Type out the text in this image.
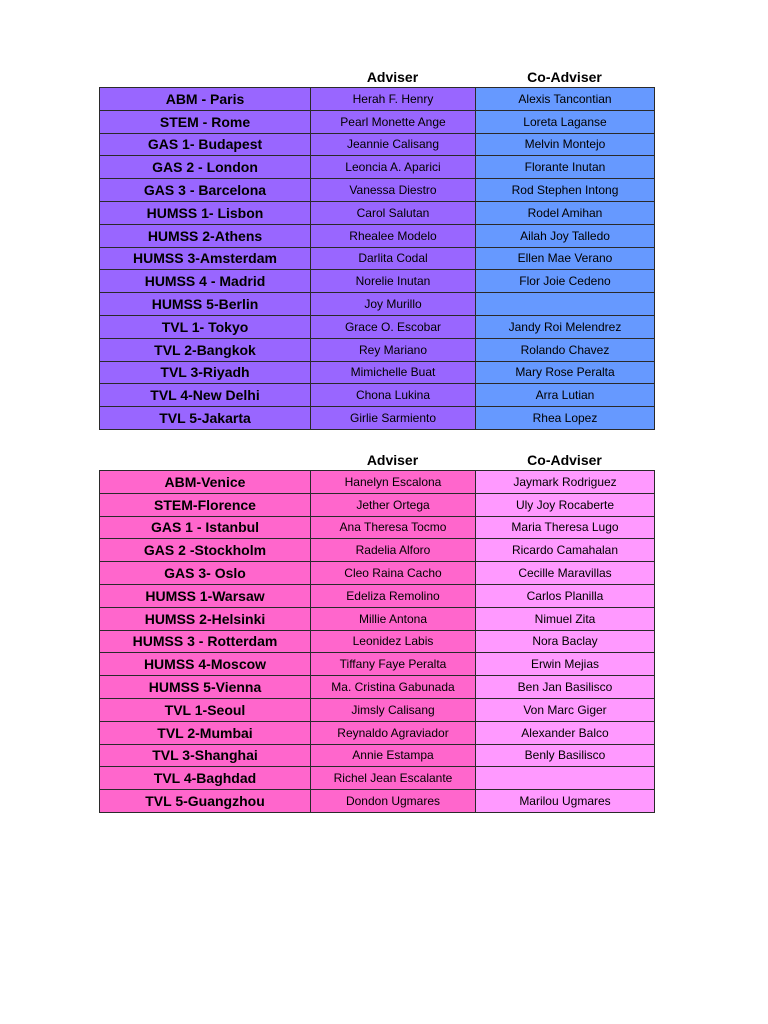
Adviser	Co-Adviser
ABM - Paris	Herah F. Henry	Alexis Tancontian
STEM - Rome	Pearl Monette Ange	Loreta Laganse
GAS 1- Budapest	Jeannie Calisang	Melvin Montejo
GAS 2 - London	Leoncia A. Aparici	Florante Inutan
GAS 3 - Barcelona	Vanessa Diestro	Rod Stephen Intong
HUMSS 1- Lisbon	Carol Salutan	Rodel Amihan
HUMSS 2-Athens	Rhealee Modelo	Ailah Joy Talledo
HUMSS 3-Amsterdam	Darlita Codal	Ellen Mae Verano
HUMSS 4 - Madrid	Norelie Inutan	Flor Joie Cedeno
HUMSS 5-Berlin	Joy Murillo	
TVL 1- Tokyo	Grace O. Escobar	Jandy Roi Melendrez
TVL 2-Bangkok	Rey Mariano	Rolando Chavez
TVL 3-Riyadh	Mimichelle Buat	Mary Rose Peralta
TVL 4-New Delhi	Chona Lukina	Arra Lutian
TVL 5-Jakarta	Girlie Sarmiento	Rhea Lopez
Adviser	Co-Adviser
ABM-Venice	Hanelyn Escalona	Jaymark Rodriguez
STEM-Florence	Jether Ortega	Uly Joy Rocaberte
GAS 1 - Istanbul	Ana Theresa Tocmo	Maria Theresa Lugo
GAS 2 -Stockholm	Radelia Alforo	Ricardo Camahalan
GAS 3- Oslo	Cleo Raina Cacho	Cecille Maravillas
HUMSS 1-Warsaw	Edeliza Remolino	Carlos Planilla
HUMSS 2-Helsinki	Millie Antona	Nimuel Zita
HUMSS 3 - Rotterdam	Leonidez Labis	Nora Baclay
HUMSS 4-Moscow	Tiffany Faye Peralta	Erwin Mejias
HUMSS 5-Vienna	Ma. Cristina Gabunada	Ben Jan Basilisco
TVL 1-Seoul	Jimsly Calisang	Von Marc Giger
TVL 2-Mumbai	Reynaldo Agraviador	Alexander Balco
TVL 3-Shanghai	Annie Estampa	Benly Basilisco
TVL 4-Baghdad	Richel Jean Escalante	
TVL 5-Guangzhou	Dondon Ugmares	Marilou Ugmares
